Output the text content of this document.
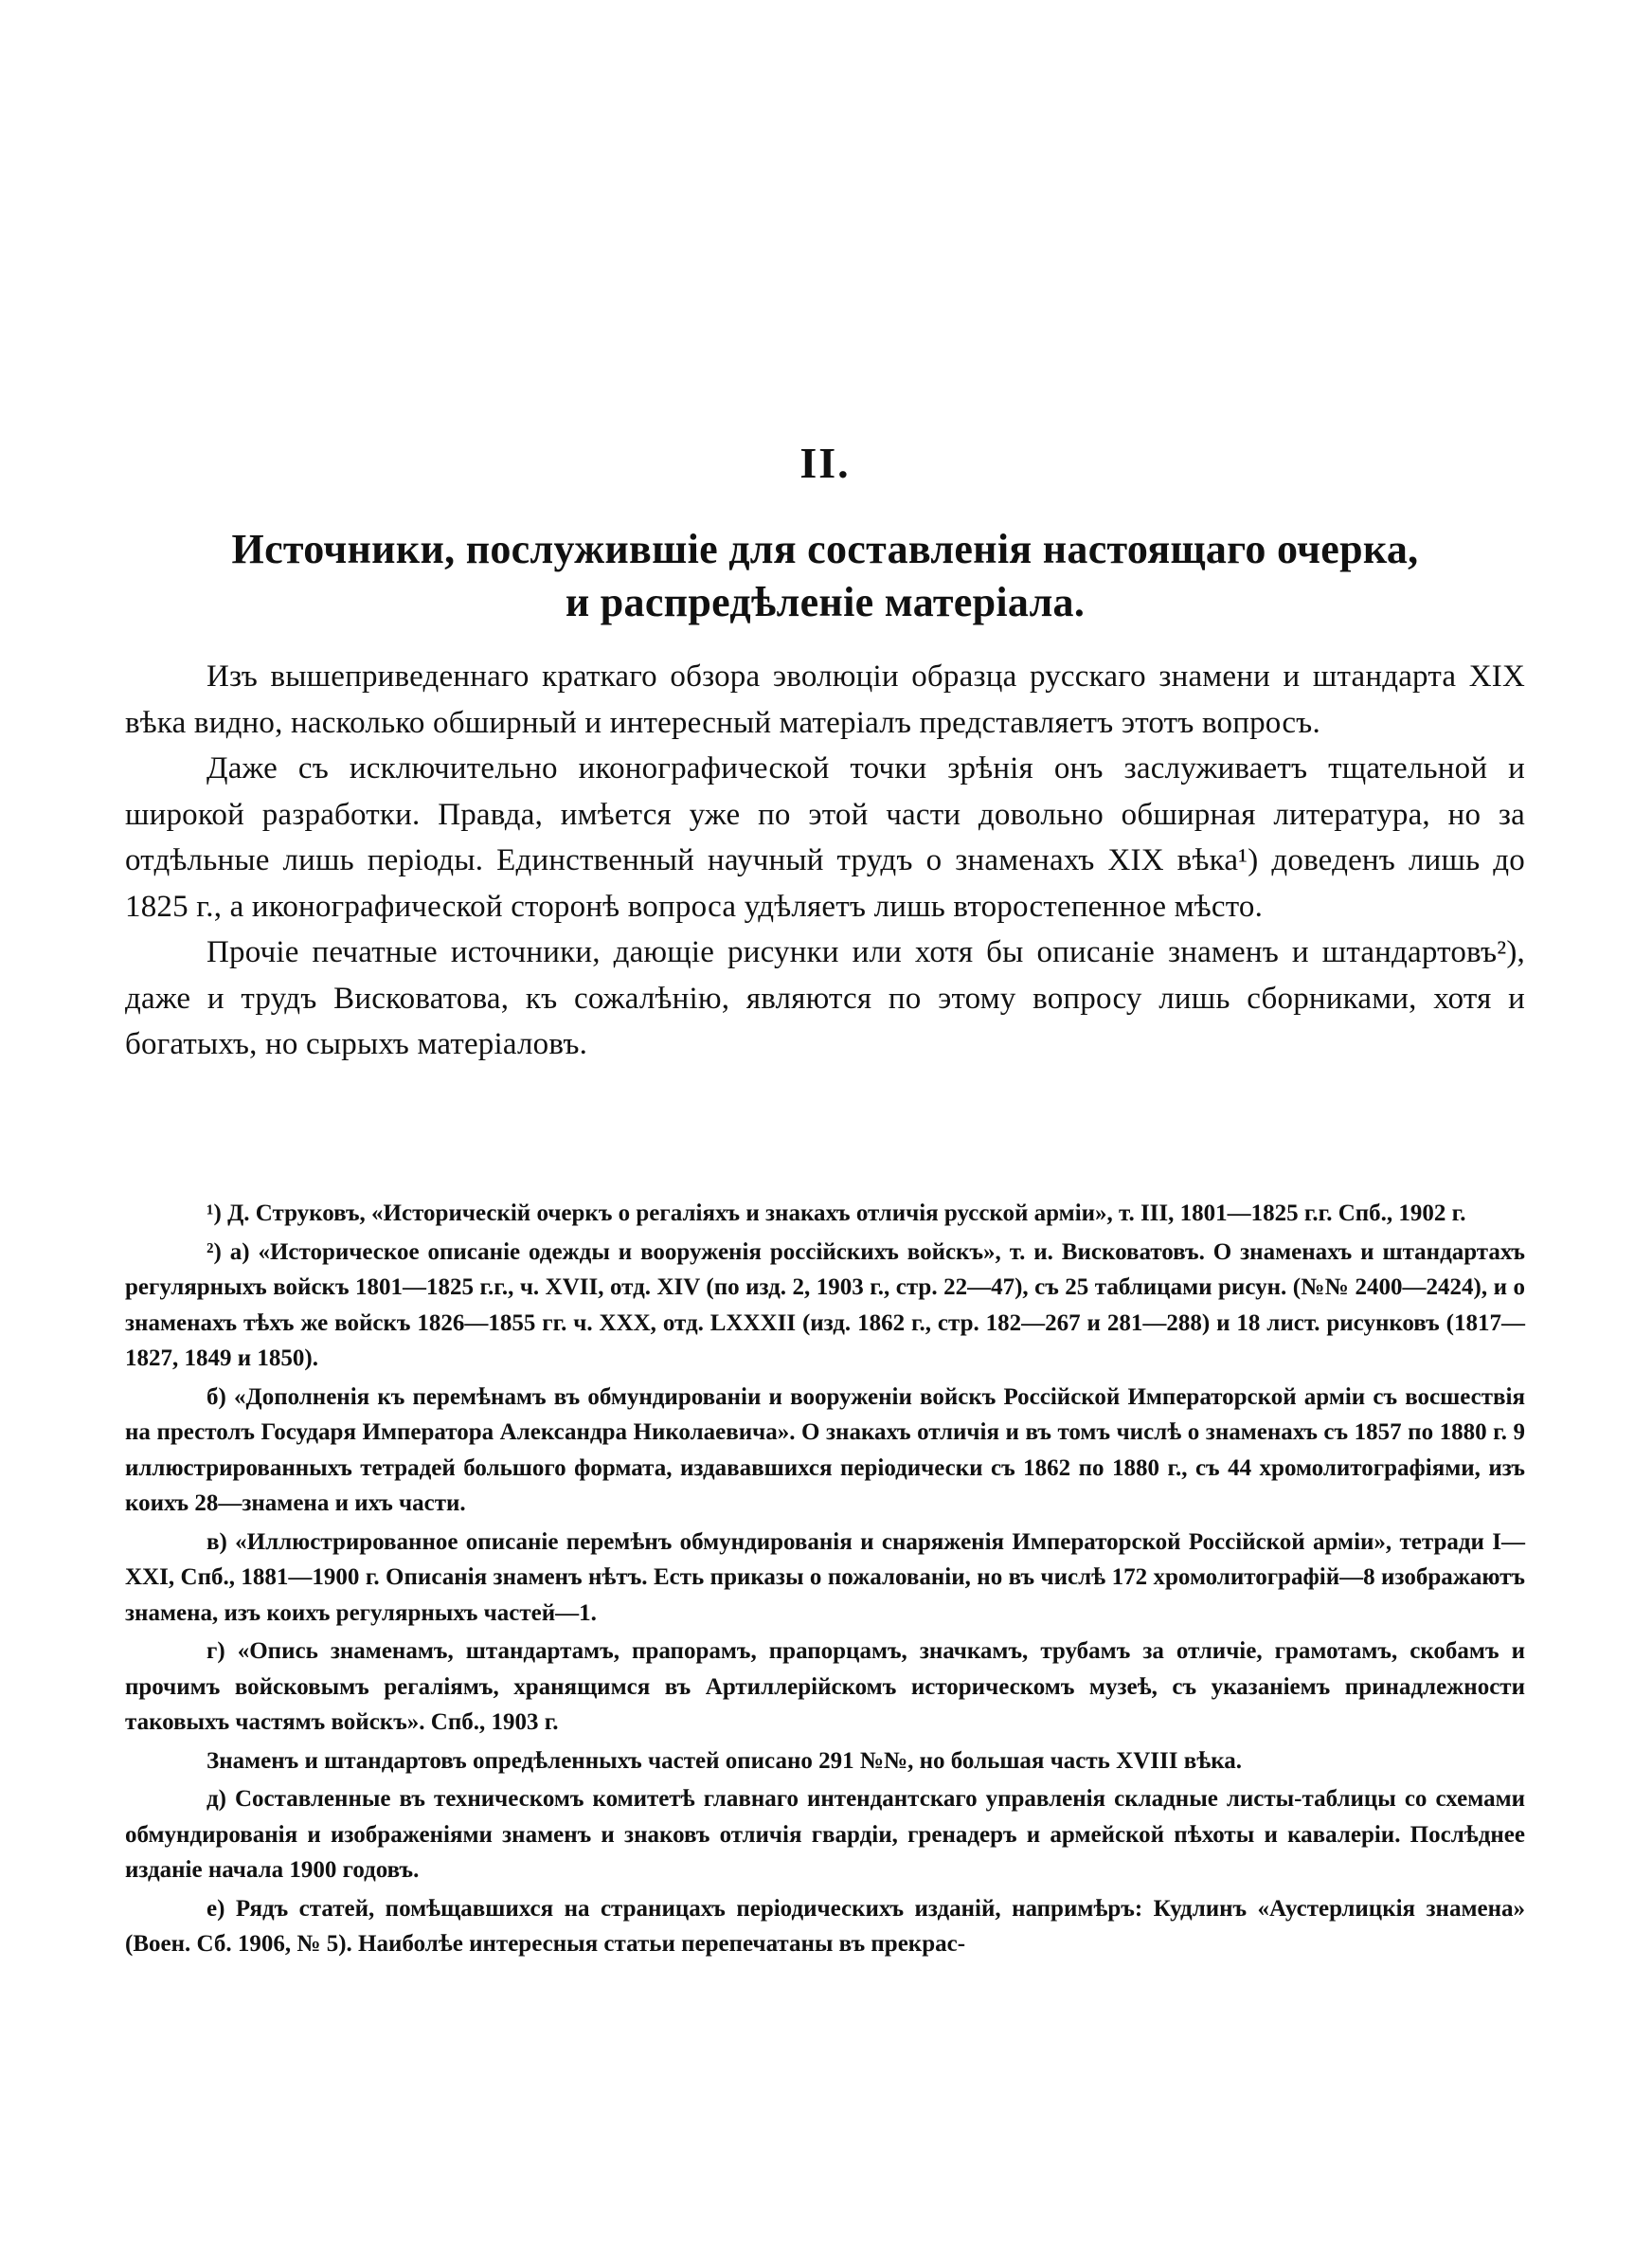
II.
Источники, послужившіе для составленія настоящаго очерка,
и распредѣленіе матеріала.

Изъ вышеприведеннаго краткаго обзора эволюціи образца русскаго знамени и штандарта XIX вѣка видно, насколько обширный и интересный матеріалъ представляетъ этотъ вопросъ.

Даже съ исключительно иконографической точки зрѣнія онъ заслуживаетъ тщательной и широкой разработки. Правда, имѣется уже по этой части довольно обширная литература, но за отдѣльные лишь періоды. Единственный научный трудъ о знаменахъ XIX вѣка¹) доведенъ лишь до 1825 г., а иконографической сторонѣ вопроса удѣляетъ лишь второстепенное мѣсто.

Прочіе печатные источники, дающіе рисунки или хотя бы описаніе знаменъ и штандартовъ²), даже и трудъ Висковатова, къ сожалѣнію, являются по этому вопросу лишь сборниками, хотя и богатыхъ, но сырыхъ матеріаловъ.

¹) Д. Струковъ, «Историческій очеркъ о регаліяхъ и знакахъ отличія русской арміи», т. III, 1801—1825 г.г. Спб., 1902 г.

²) а) «Историческое описаніе одежды и вооруженія россійскихъ войскъ», т. и. Висковатовъ. О знаменахъ и штандартахъ регулярныхъ войскъ 1801—1825 г.г., ч. XVII, отд. XIV (по изд. 2, 1903 г., стр. 22—47), съ 25 таблицами рисун. (№№ 2400—2424), и о знаменахъ тѣхъ же войскъ 1826—1855 гг. ч. XXX, отд. LXXXII (изд. 1862 г., стр. 182—267 и 281—288) и 18 лист. рисунковъ (1817—1827, 1849 и 1850).

б) «Дополненія къ перемѣнамъ въ обмундированіи и вооруженіи войскъ Россійской Императорской арміи съ восшествія на престолъ Государя Императора Александра Николаевича». О знакахъ отличія и въ томъ числѣ о знаменахъ съ 1857 по 1880 г. 9 иллюстрированныхъ тетрадей большого формата, издававшихся періодически съ 1862 по 1880 г., съ 44 хромолитографіями, изъ коихъ 28—знамена и ихъ части.

в) «Иллюстрированное описаніе перемѣнъ обмундированія и снаряженія Императорской Россійской арміи», тетради I—XXI, Спб., 1881—1900 г. Описанія знаменъ нѣтъ. Есть приказы о пожалованіи, но въ числѣ 172 хромолитографій—8 изображаютъ знамена, изъ коихъ регулярныхъ частей—1.

г) «Опись знаменамъ, штандартамъ, прапорамъ, прапорцамъ, значкамъ, трубамъ за отличіе, грамотамъ, скобамъ и прочимъ войсковымъ регаліямъ, хранящимся въ Артиллерійскомъ историческомъ музеѣ, съ указаніемъ принадлежности таковыхъ частямъ войскъ». Спб., 1903 г.

Знаменъ и штандартовъ опредѣленныхъ частей описано 291 №№, но большая часть XVIII вѣка.

д) Составленные въ техническомъ комитетѣ главнаго интендантскаго управленія складные листы-таблицы со схемами обмундированія и изображеніями знаменъ и знаковъ отличія гвардіи, гренадеръ и армейской пѣхоты и кавалеріи. Послѣднее изданіе начала 1900 годовъ.

е) Рядъ статей, помѣщавшихся на страницахъ періодическихъ изданій, напримѣръ: Кудлинъ «Аустерлицкія знамена» (Воен. Сб. 1906, № 5). Наиболѣе интересныя статьи перепечатаны въ прекрас-
